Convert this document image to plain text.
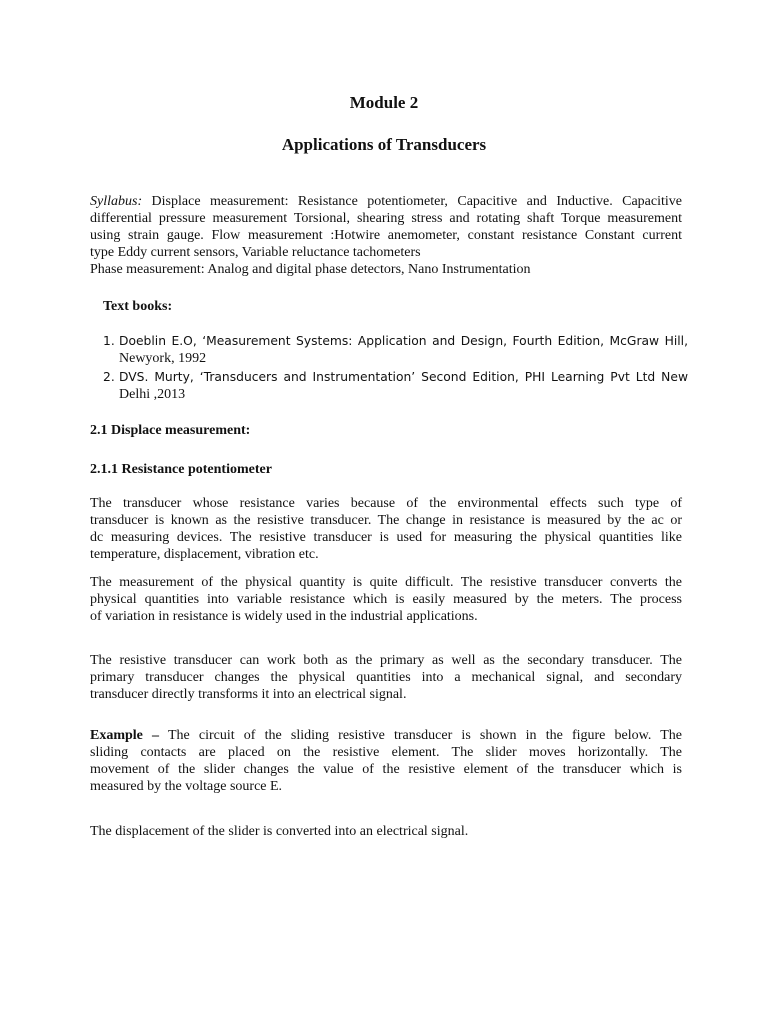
Module 2
Applications of Transducers
Syllabus: Displace measurement: Resistance potentiometer, Capacitive and Inductive. Capacitive
differential pressure measurement Torsional, shearing stress and rotating shaft Torque measurement
using strain gauge. Flow measurement :Hotwire anemometer, constant resistance Constant current
type Eddy current sensors, Variable reluctance tachometers
Phase measurement: Analog and digital phase detectors, Nano Instrumentation
Text books:
1. Doeblin E.O, ‘Measurement Systems: Application and Design, Fourth Edition, McGraw Hill,
Newyork, 1992
2. DVS. Murty, ‘Transducers and Instrumentation’ Second Edition, PHI Learning Pvt Ltd New
Delhi ,2013
2.1 Displace measurement:
2.1.1 Resistance potentiometer
The transducer whose resistance varies because of the environmental effects such type of
transducer is known as the resistive transducer. The change in resistance is measured by the ac or
dc measuring devices. The resistive transducer is used for measuring the physical quantities like
temperature, displacement, vibration etc.
The measurement of the physical quantity is quite difficult. The resistive transducer converts the
physical quantities into variable resistance which is easily measured by the meters. The process
of variation in resistance is widely used in the industrial applications.
The resistive transducer can work both as the primary as well as the secondary transducer. The
primary transducer changes the physical quantities into a mechanical signal, and secondary
transducer directly transforms it into an electrical signal.
Example – The circuit of the sliding resistive transducer is shown in the figure below. The
sliding contacts are placed on the resistive element. The slider moves horizontally. The
movement of the slider changes the value of the resistive element of the transducer which is
measured by the voltage source E.
The displacement of the slider is converted into an electrical signal.
